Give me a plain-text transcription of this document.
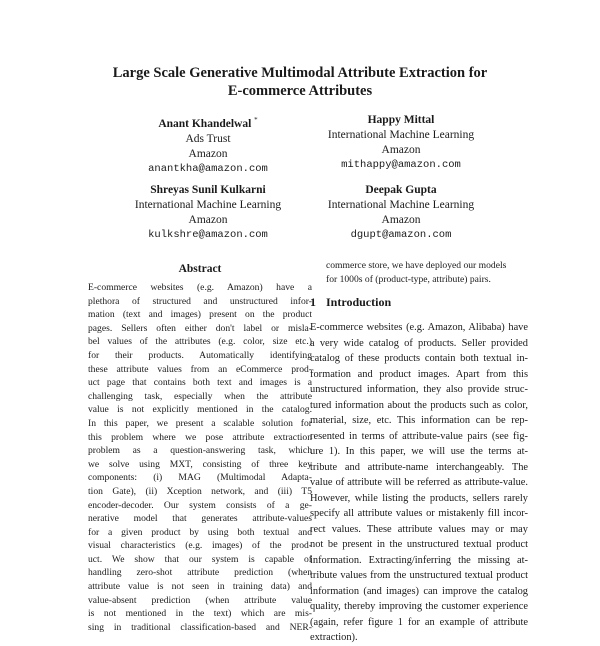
Large Scale Generative Multimodal Attribute Extraction for
E-commerce Attributes
Anant Khandelwal *
Ads Trust
Amazon
anantkha@amazon.com
Happy Mittal
International Machine Learning
Amazon
mithappy@amazon.com
Shreyas Sunil Kulkarni
International Machine Learning
Amazon
kulkshre@amazon.com
Deepak Gupta
International Machine Learning
Amazon
dgupt@amazon.com
Abstract
E-commerce websites (e.g. Amazon) have a
plethora of structured and unstructured infor-
mation (text and images) present on the product
pages. Sellers often either don't label or misla-
bel values of the attributes (e.g. color, size etc.)
for their products. Automatically identifying
these attribute values from an eCommerce prod-
uct page that contains both text and images is a
challenging task, especially when the attribute
value is not explicitly mentioned in the catalog.
In this paper, we present a scalable solution for
this problem where we pose attribute extraction
problem as a question-answering task, which
we solve using MXT, consisting of three key
components: (i) MAG (Multimodal Adapta-
tion Gate), (ii) Xception network, and (iii) T5
encoder-decoder. Our system consists of a ge-
nerative model that generates attribute-values
for a given product by using both textual and
visual characteristics (e.g. images) of the prod-
uct. We show that our system is capable of
handling zero-shot attribute prediction (when
attribute value is not seen in training data) and
value-absent prediction (when attribute value
is not mentioned in the text) which are mis-
sing in traditional classification-based and NER-
commerce store, we have deployed our models
for 1000s of (product-type, attribute) pairs.
1 Introduction
E-commerce websites (e.g. Amazon, Alibaba) have
a very wide catalog of products. Seller provided
catalog of these products contain both textual in-
formation and product images. Apart from this
unstructured information, they also provide struc-
tured information about the products such as color,
material, size, etc. This information can be rep-
resented in terms of attribute-value pairs (see fig-
ure 1). In this paper, we will use the terms at-
tribute and attribute-name interchangeably. The
value of attribute will be referred as attribute-value.
However, while listing the products, sellers rarely
specify all attribute values or mistakenly fill incor-
rect values. These attribute values may or may
not be present in the unstructured textual product
information. Extracting/inferring the missing at-
tribute values from the unstructured textual product
information (and images) can improve the catalog
quality, thereby improving the customer experience
(again, refer figure 1 for an example of attribute
extraction).
